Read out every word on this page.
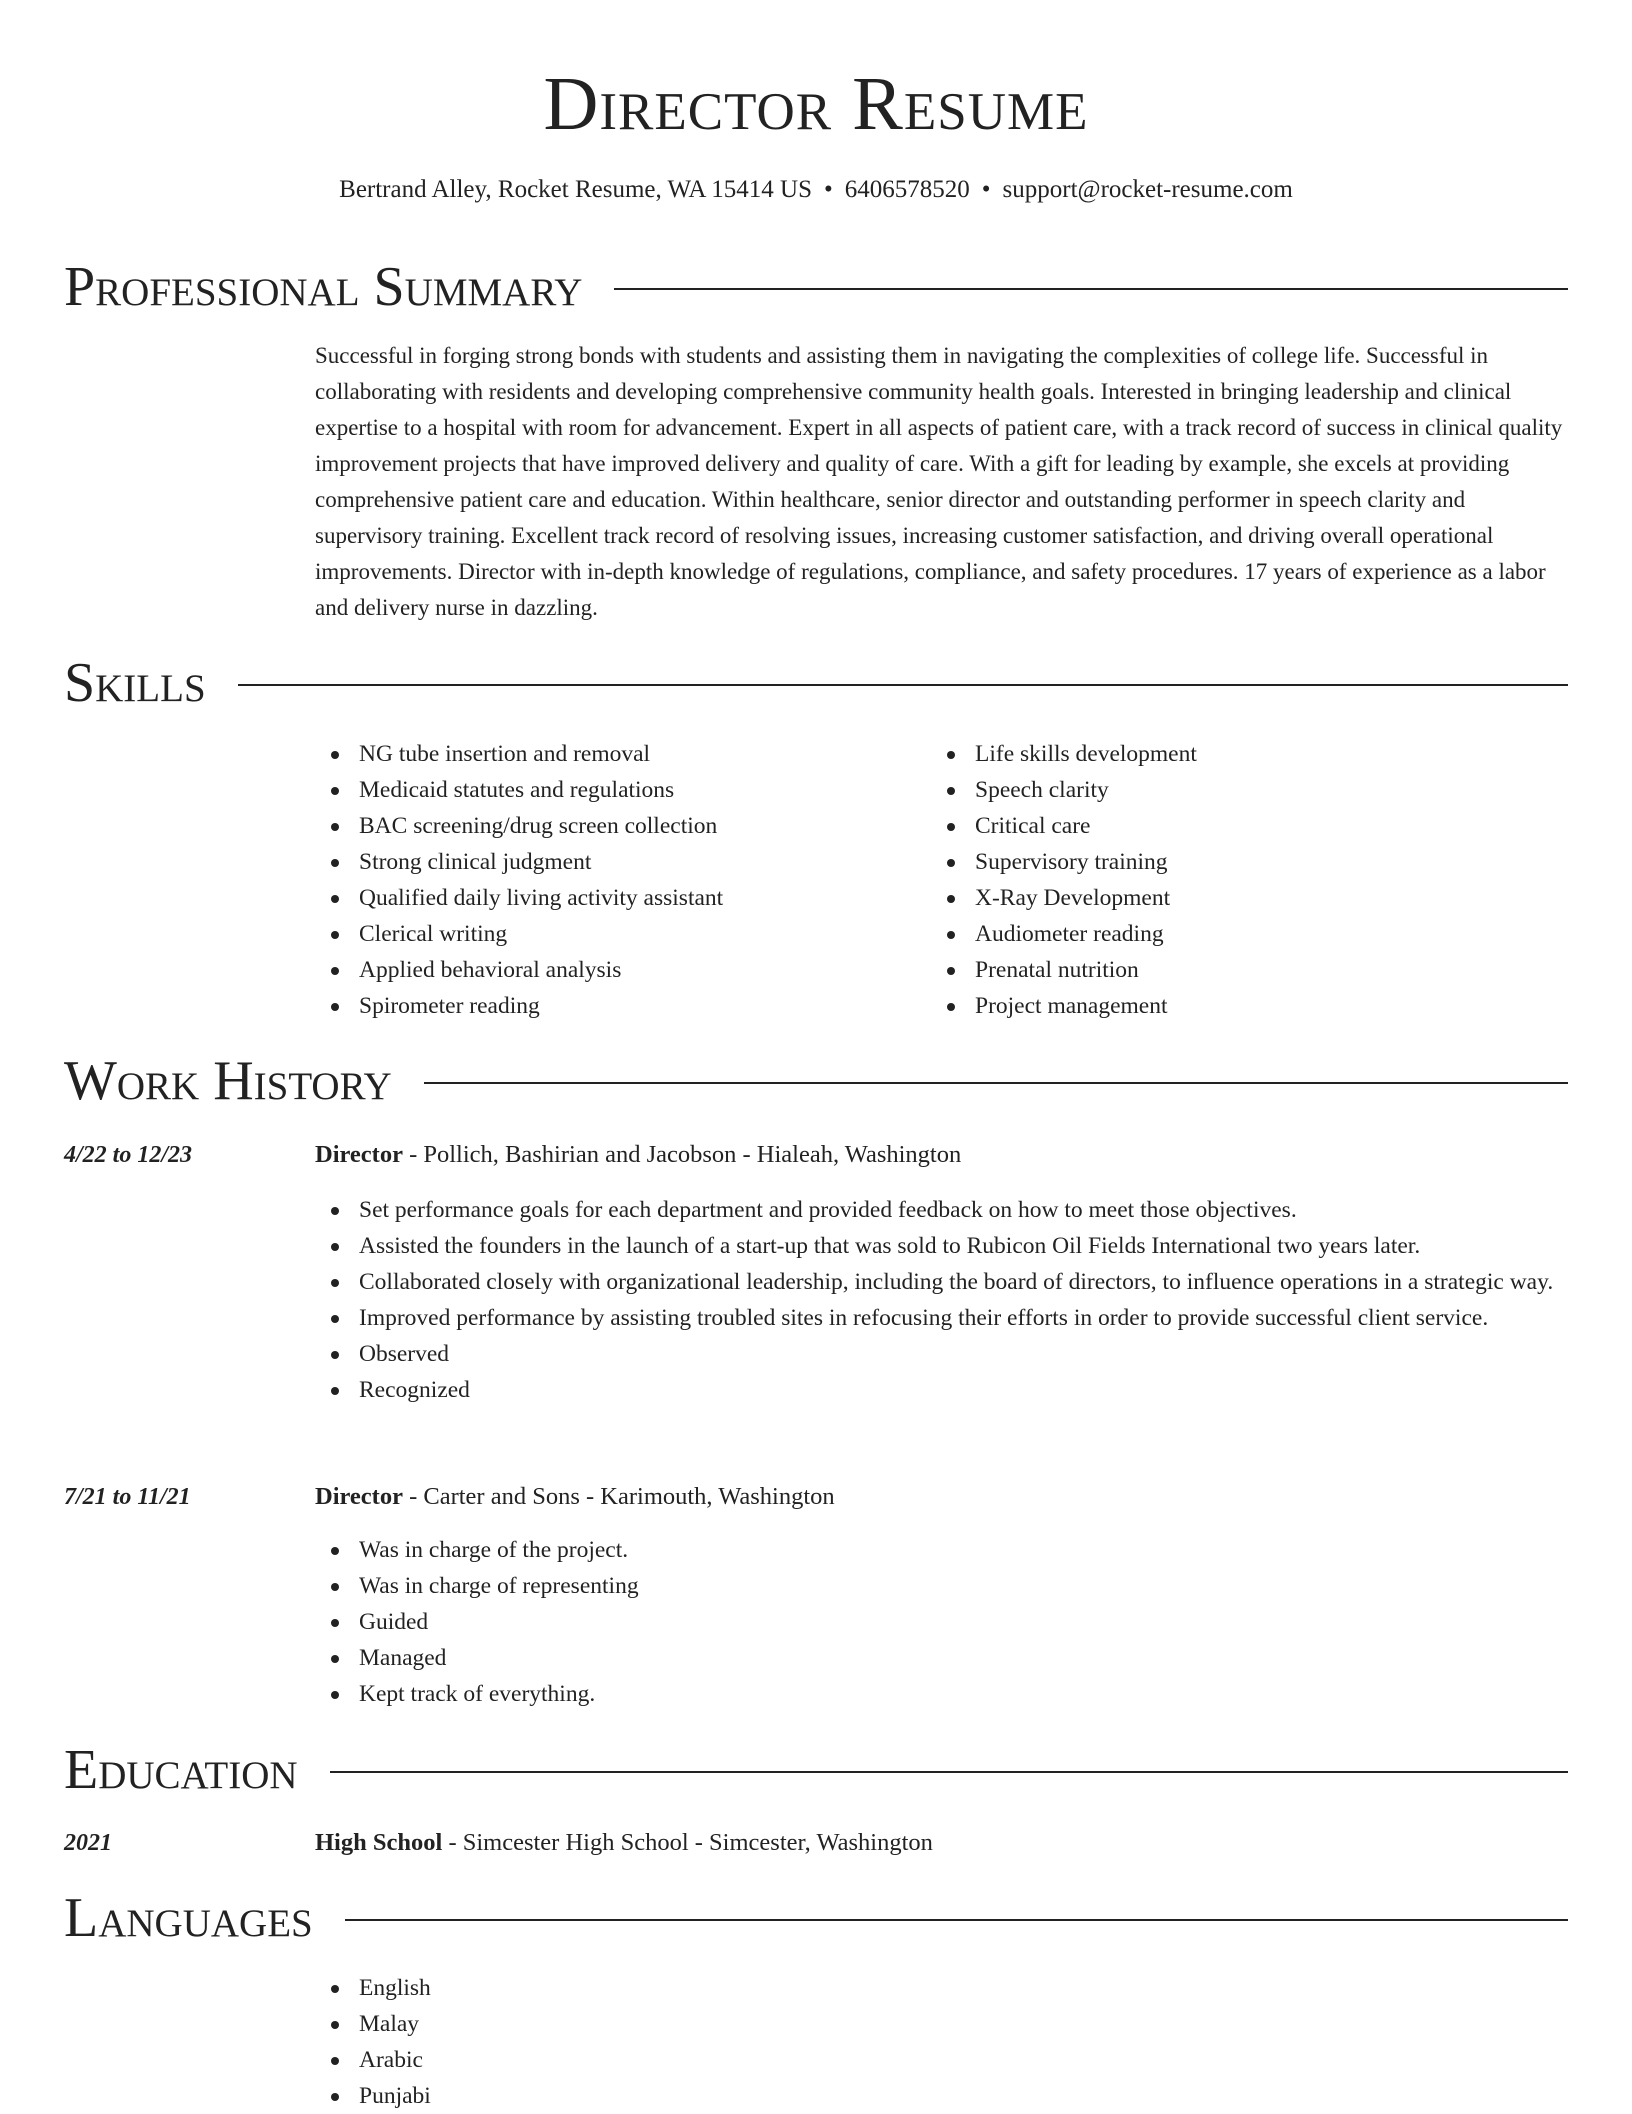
Director Resume
Bertrand Alley, Rocket Resume, WA 15414 US • 6406578520 • support@rocket-resume.com
Professional Summary

Successful in forging strong bonds with students and assisting them in navigating the complexities of college life. Successful in collaborating with residents and developing comprehensive community health goals. Interested in bringing leadership and clinical expertise to a hospital with room for advancement. Expert in all aspects of patient care, with a track record of success in clinical quality improvement projects that have improved delivery and quality of care. With a gift for leading by example, she excels at providing comprehensive patient care and education. Within healthcare, senior director and outstanding performer in speech clarity and supervisory training. Excellent track record of resolving issues, increasing customer satisfaction, and driving overall operational improvements. Director with in-depth knowledge of regulations, compliance, and safety procedures. 17 years of experience as a labor and delivery nurse in dazzling.

Skills
NG tube insertion and removal
Medicaid statutes and regulations
BAC screening/drug screen collection
Strong clinical judgment
Qualified daily living activity assistant
Clerical writing
Applied behavioral analysis
Spirometer reading
Life skills development
Speech clarity
Critical care
Supervisory training
X-Ray Development
Audiometer reading
Prenatal nutrition
Project management
Work History
4/22 to 12/23	Director - Pollich, Bashirian and Jacobson - Hialeah, Washington
Set performance goals for each department and provided feedback on how to meet those objectives.
Assisted the founders in the launch of a start-up that was sold to Rubicon Oil Fields International two years later.
Collaborated closely with organizational leadership, including the board of directors, to influence operations in a strategic way.
Improved performance by assisting troubled sites in refocusing their efforts in order to provide successful client service.
Observed
Recognized
7/21 to 11/21	Director - Carter and Sons - Karimouth, Washington
Was in charge of the project.
Was in charge of representing
Guided
Managed
Kept track of everything.
Education
2021	High School - Simcester High School - Simcester, Washington
Languages
English
Malay
Arabic
Punjabi
